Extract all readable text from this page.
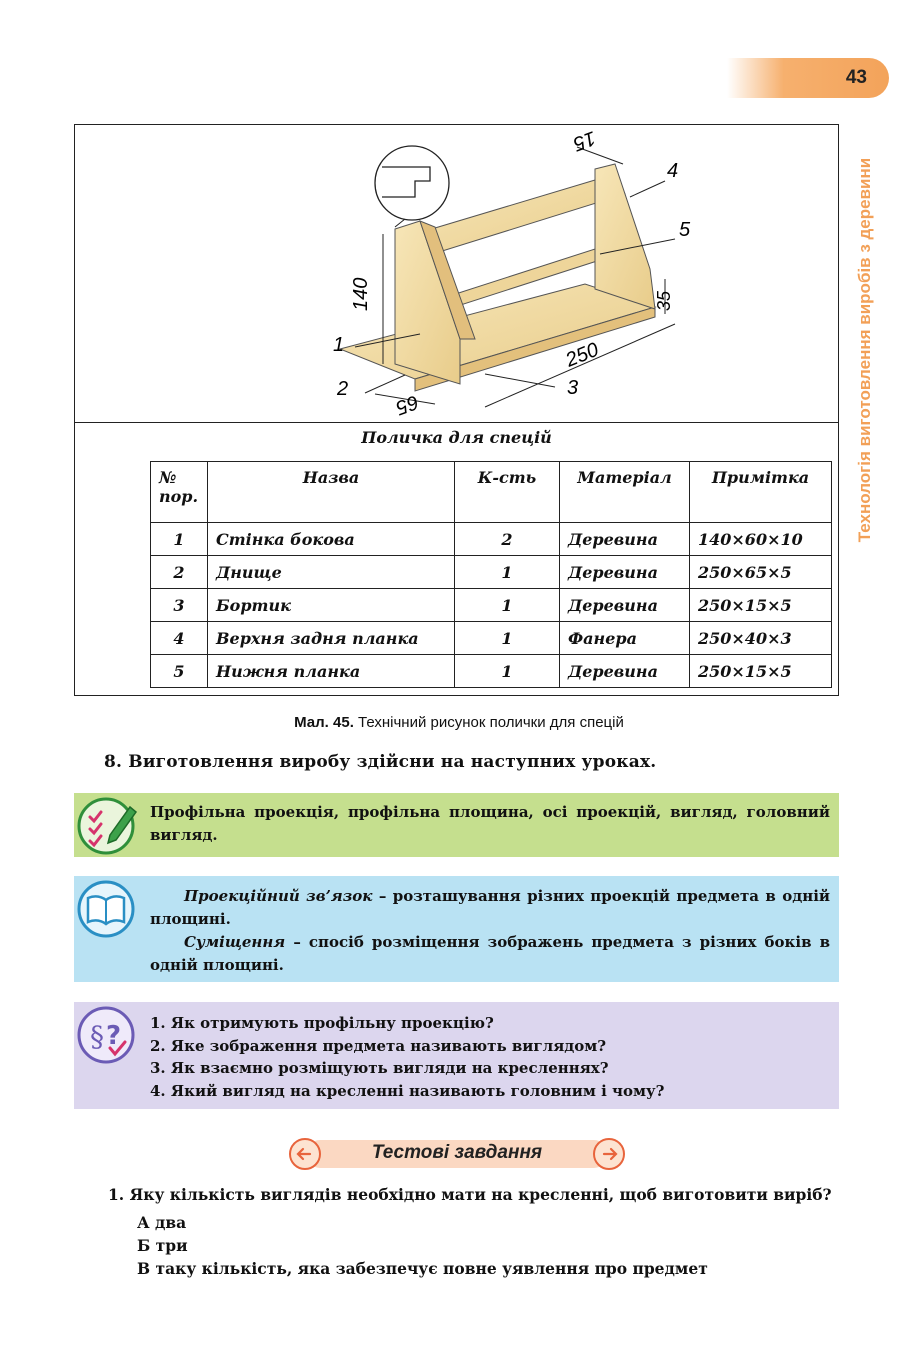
43
Технологія виготовлення виробів з деревини
140	35
250
65
15
1
2	3
4
5
Поличка для спецій
№ пор.	Назва	К-сть	Матеріал	Примітка
1	Стінка бокова	2	Деревина	140×60×10
2	Днище	1	Деревина	250×65×5
3	Бортик	1	Деревина	250×15×5
4	Верхня задня планка	1	Фанера	250×40×3
5	Нижня планка	1	Деревина	250×15×5
Мал. 45. Технічний рисунок полички для спецій
8. Виготовлення виробу здійсни на наступних уроках.
Профільна проекція, профільна площина, осі проекцій, вигляд, головний вигляд.

Проекційний зв’язок – розташування різних проекцій предмета в одній площині.

Суміщення – спосіб розміщення зображень предмета з різних боків в одній площині.

§ ? 1. Як отримують профільну проекцію?
2. Яке зображення предмета називають виглядом?
3. Як взаємно розміщують вигляди на кресленнях?
4. Який вигляд на кресленні називають головним і чому?
Тестові завдання
1. Яку кількість виглядів необхідно мати на кресленні, щоб виготовити виріб?
А два
Б три
В таку кількість, яка забезпечує повне уявлення про предмет
